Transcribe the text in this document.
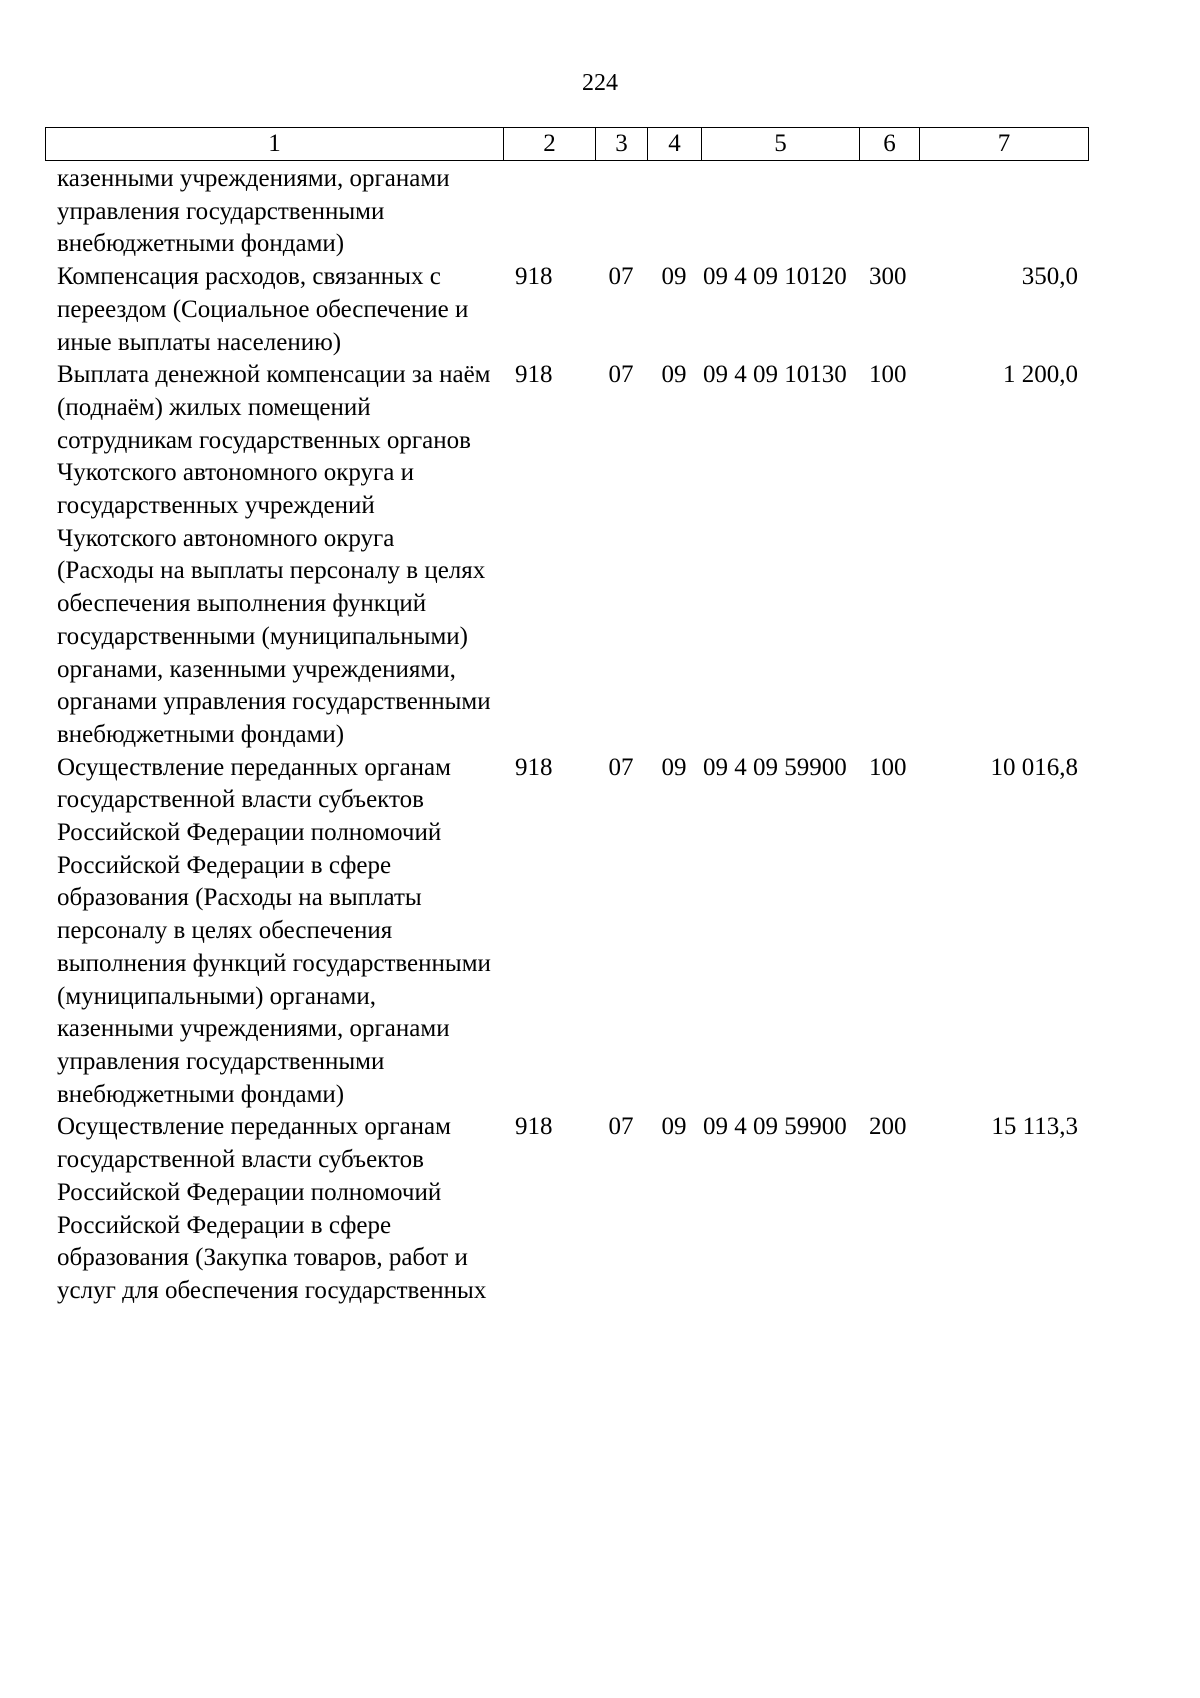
224
1	2	3	4	5	6	7
казенными учреждениями, органами управления государственными внебюджетными фондами)						
Компенсация расходов, связанных с переездом (Социальное обеспечение и иные выплаты населению)	918	07	09	09 4 09 10120	300	350,0
Выплата денежной компенсации за наём (поднаём) жилых помещений сотрудникам государственных органов Чукотского автономного округа и государственных учреждений Чукотского автономного округа (Расходы на выплаты персоналу в целях обеспечения выполнения функций государственными (муниципальными) органами, казенными учреждениями, органами управления государственными внебюджетными фондами)	918	07	09	09 4 09 10130	100	1 200,0
Осуществление переданных органам государственной власти субъектов Российской Федерации полномочий Российской Федерации в сфере образования (Расходы на выплаты персоналу в целях обеспечения выполнения функций государственными (муниципальными) органами, казенными учреждениями, органами управления государственными внебюджетными фондами)	918	07	09	09 4 09 59900	100	10 016,8
Осуществление переданных органам государственной власти субъектов Российской Федерации полномочий Российской Федерации в сфере образования (Закупка товаров, работ и услуг для обеспечения государственных	918	07	09	09 4 09 59900	200	15 113,3
